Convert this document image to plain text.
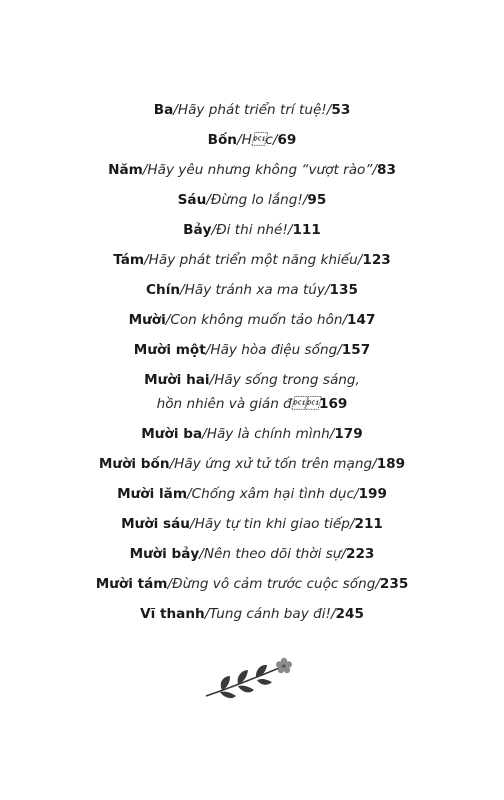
Ba/Hãy phát triển trí tuệ!/53
Bốn/Hc/69
Năm/Hãy yêu nhưng không “vượt rào”/83
Sáu/Đừng lo lắng!/95
Bảy/Đi thi nhé!/111
Tám/Hãy phát triển một năng khiếu/123
Chín/Hãy tránh xa ma túy/135
Mười/Con không muốn tảo hôn/147
Mười một/Hãy hòa điệu sống/157
Mười hai/Hãy sống trong sáng,
hồn nhiên và gián đ169
Mười ba/Hãy là chính mình/179
Mười bốn/Hãy ứng xử tử tốn trên mạng/189
Mười lăm/Chống xâm hại tình dục/199
Mười sáu/Hãy tự tin khi giao tiếp/211
Mười bảy/Nên theo dõi thời sự/223
Mười tám/Đừng vô cảm trước cuộc sống/235
Vĩ thanh/Tung cánh bay đi!/245
